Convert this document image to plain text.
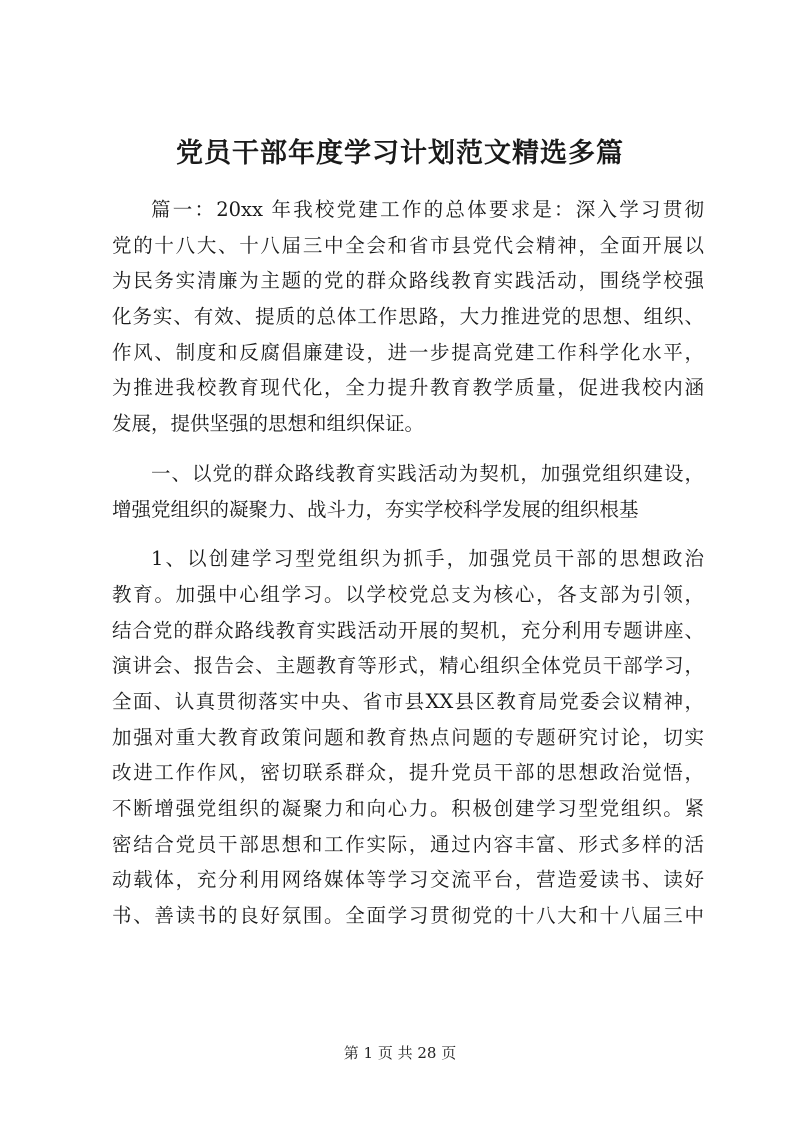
党员干部年度学习计划范文精选多篇
篇一：20xx 年我校党建工作的总体要求是：深入学习贯彻
党的十八大、十八届三中全会和省市县党代会精神，全面开展以
为民务实清廉为主题的党的群众路线教育实践活动，围绕学校强
化务实、有效、提质的总体工作思路，大力推进党的思想、组织、
作风、制度和反腐倡廉建设，进一步提高党建工作科学化水平，
为推进我校教育现代化，全力提升教育教学质量，促进我校内涵
发展，提供坚强的思想和组织保证。
一、以党的群众路线教育实践活动为契机，加强党组织建设，
增强党组织的凝聚力、战斗力，夯实学校科学发展的组织根基
1、以创建学习型党组织为抓手，加强党员干部的思想政治
教育。加强中心组学习。以学校党总支为核心，各支部为引领，
结合党的群众路线教育实践活动开展的契机，充分利用专题讲座、
演讲会、报告会、主题教育等形式，精心组织全体党员干部学习，
全面、认真贯彻落实中央、省市县XX县区教育局党委会议精神，
加强对重大教育政策问题和教育热点问题的专题研究讨论，切实
改进工作作风，密切联系群众，提升党员干部的思想政治觉悟，
不断增强党组织的凝聚力和向心力。积极创建学习型党组织。紧
密结合党员干部思想和工作实际，通过内容丰富、形式多样的活
动载体，充分利用网络媒体等学习交流平台，营造爱读书、读好
书、善读书的良好氛围。全面学习贯彻党的十八大和十八届三中
第 1 页 共 28 页
